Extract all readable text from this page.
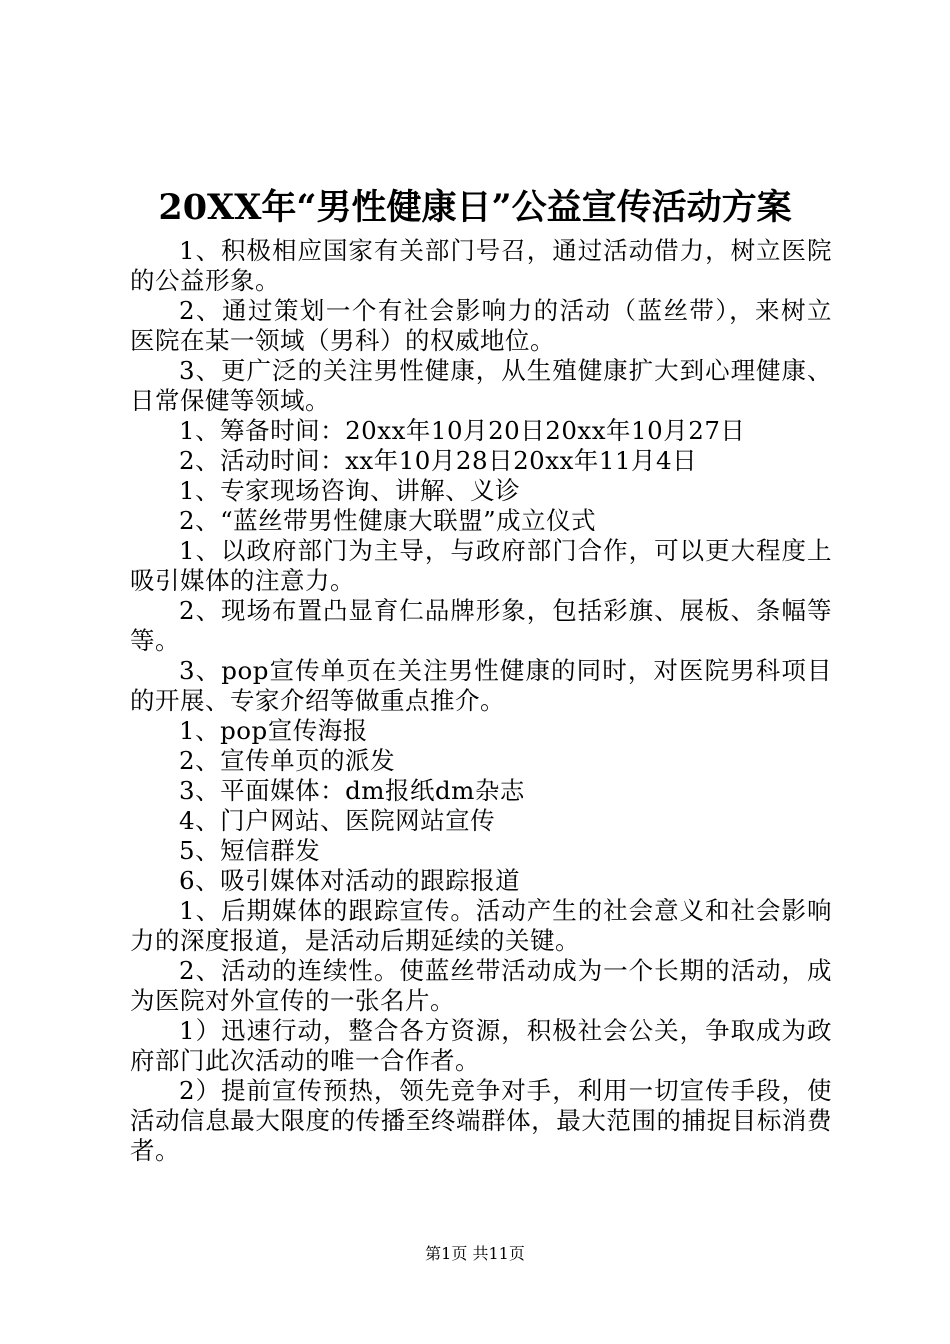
20XX年“男性健康日”公益宣传活动方案

1、积极相应国家有关部门号召，通过活动借力，树立医院的公益形象。

2、通过策划一个有社会影响力的活动（蓝丝带），来树立医院在某一领域（男科）的权威地位。

3、更广泛的关注男性健康，从生殖健康扩大到心理健康、日常保健等领域。

1、筹备时间：20xx年10月20日20xx年10月27日

2、活动时间：xx年10月28日20xx年11月4日

1、专家现场咨询、讲解、义诊

2、“蓝丝带男性健康大联盟”成立仪式

1、以政府部门为主导，与政府部门合作，可以更大程度上吸引媒体的注意力。

2、现场布置凸显育仁品牌形象，包括彩旗、展板、条幅等等。

3、pop宣传单页在关注男性健康的同时，对医院男科项目的开展、专家介绍等做重点推介。

1、pop宣传海报

2、宣传单页的派发

3、平面媒体：dm报纸dm杂志

4、门户网站、医院网站宣传

5、短信群发

6、吸引媒体对活动的跟踪报道

1、后期媒体的跟踪宣传。活动产生的社会意义和社会影响力的深度报道，是活动后期延续的关键。

2、活动的连续性。使蓝丝带活动成为一个长期的活动，成为医院对外宣传的一张名片。

1）迅速行动，整合各方资源，积极社会公关，争取成为政府部门此次活动的唯一合作者。

2）提前宣传预热，领先竞争对手，利用一切宣传手段，使活动信息最大限度的传播至终端群体，最大范围的捕捉目标消费者。

第1页 共11页
